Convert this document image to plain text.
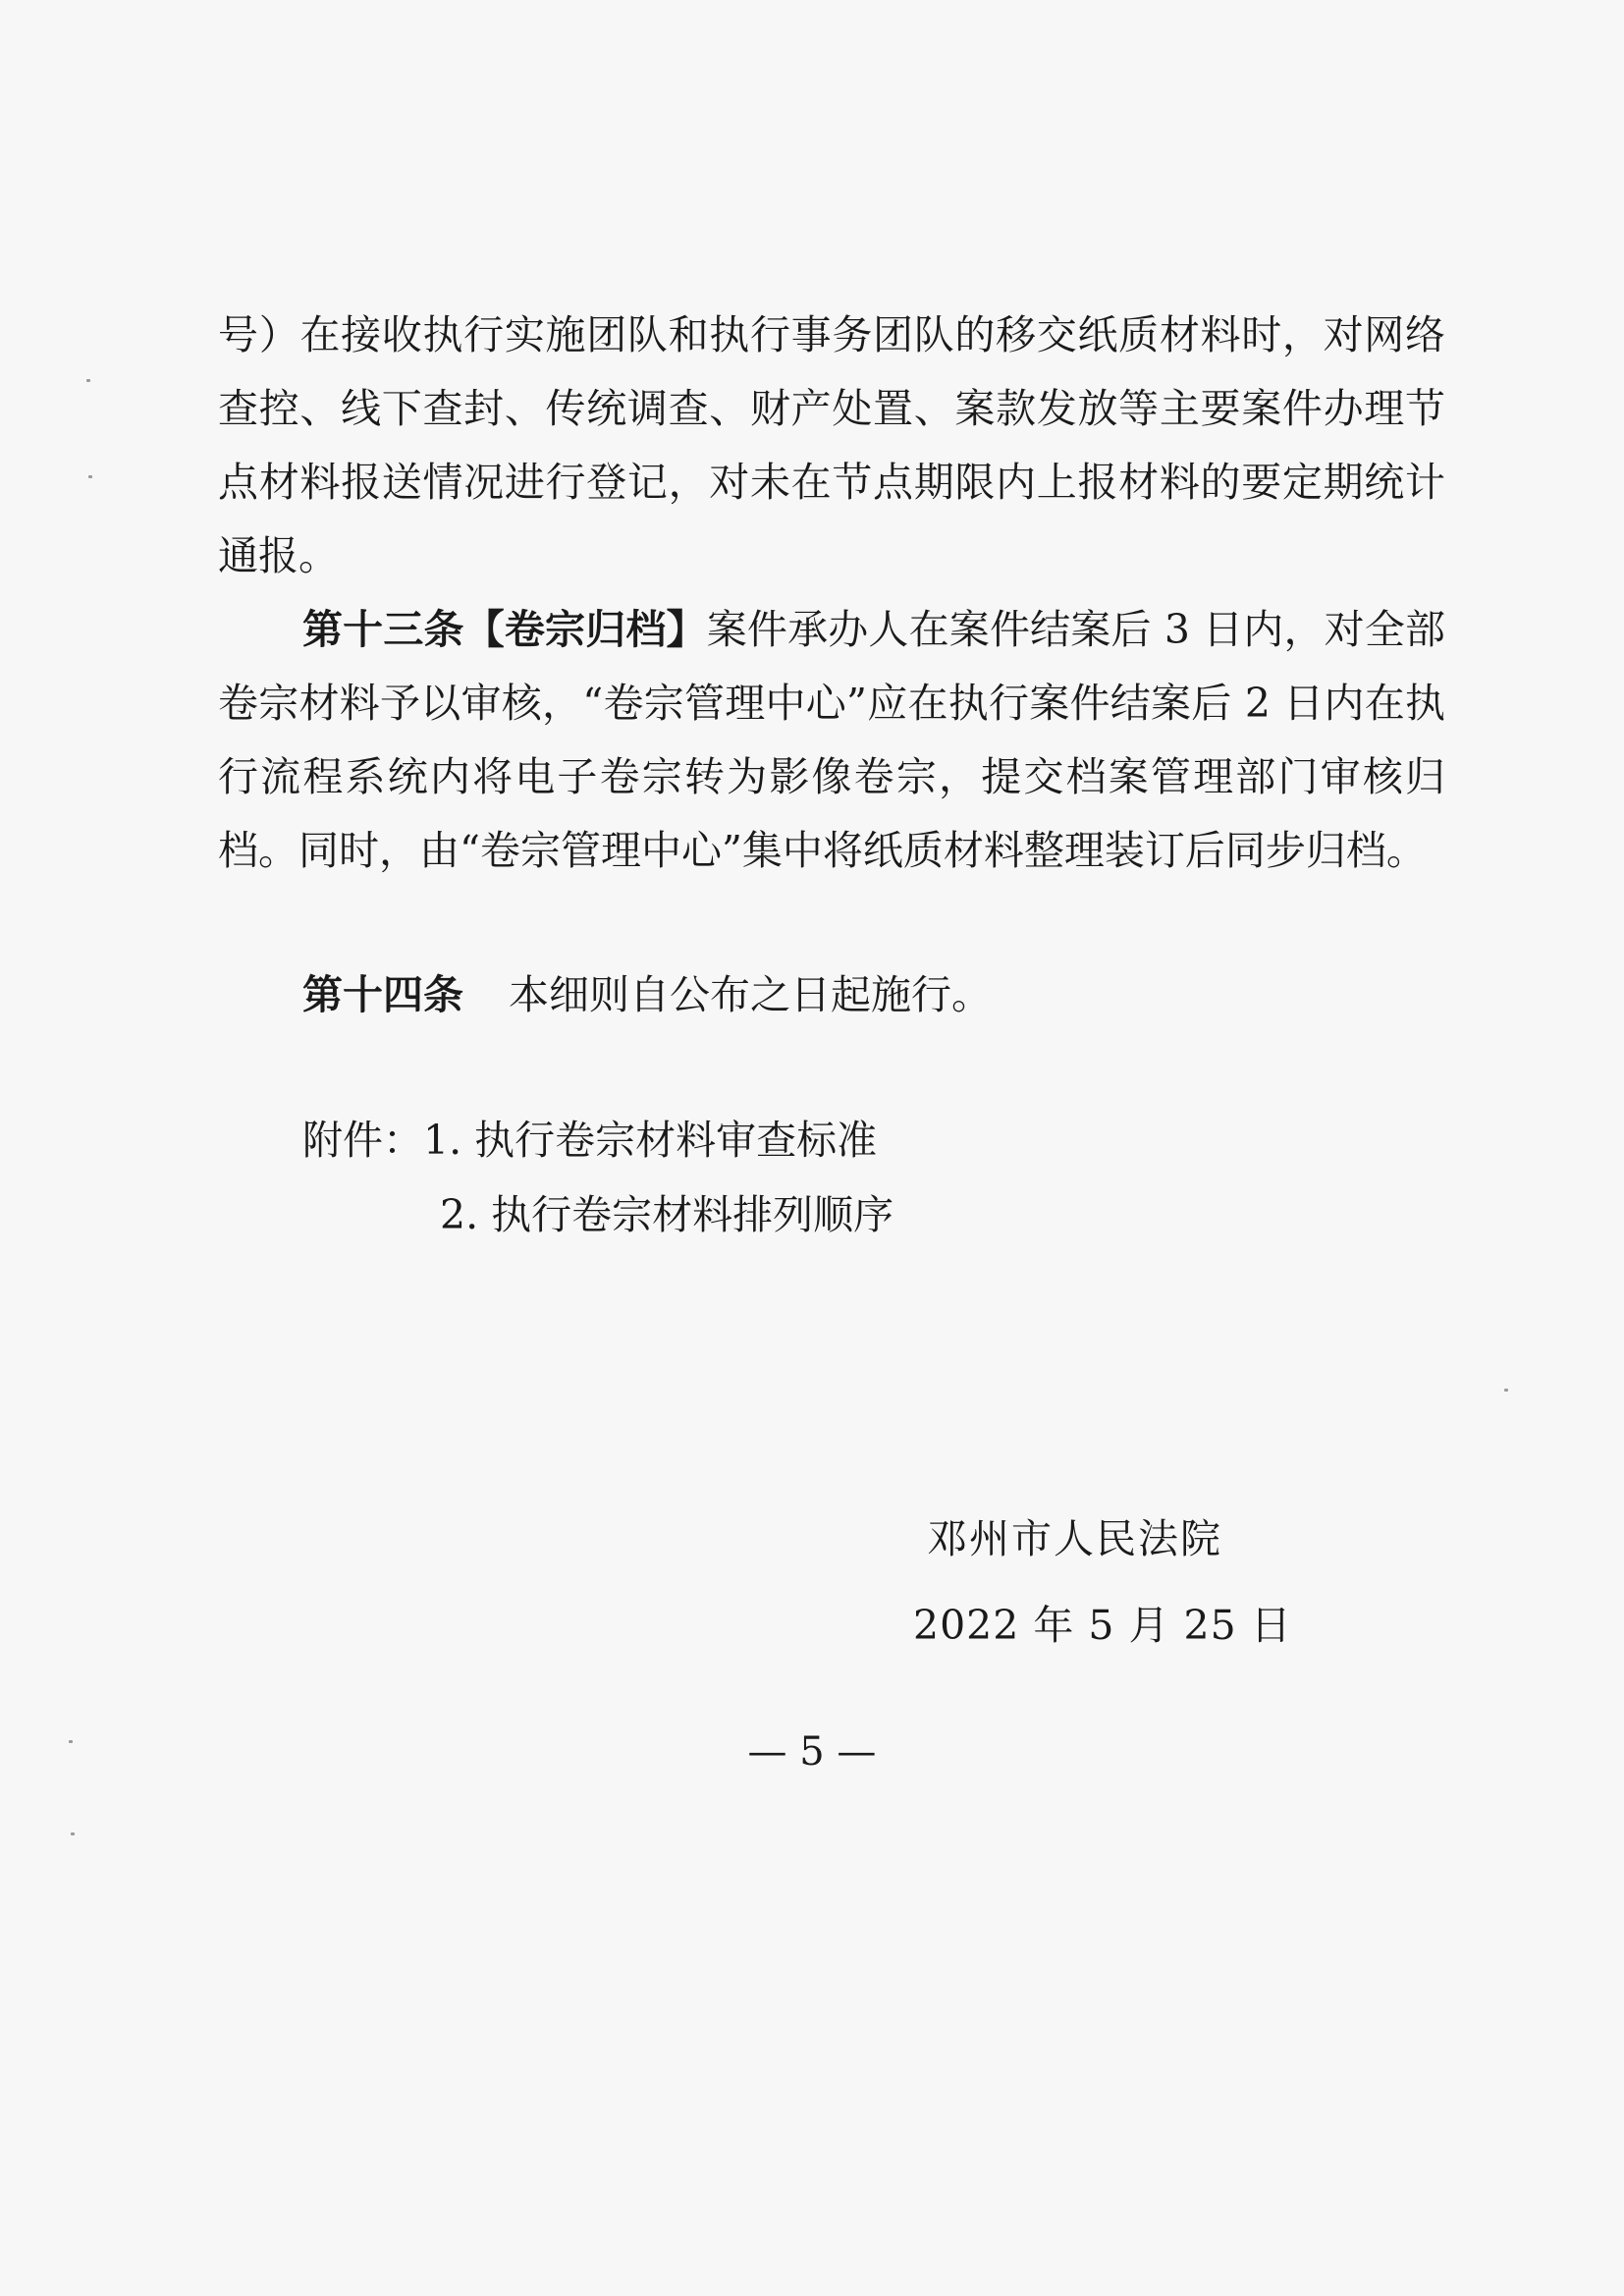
号）在接收执行实施团队和执行事务团队的移交纸质材料时，对网络查控、线下查封、传统调查、财产处置、案款发放等主要案件办理节点材料报送情况进行登记，对未在节点期限内上报材料的要定期统计通报。
第十三条【卷宗归档】案件承办人在案件结案后 3 日内，对全部卷宗材料予以审核，“卷宗管理中心”应在执行案件结案后 2 日内在执行流程系统内将电子卷宗转为影像卷宗，提交档案管理部门审核归档。同时，由“卷宗管理中心”集中将纸质材料整理装订后同步归档。
第十四条 本细则自公布之日起施行。
附件：1. 执行卷宗材料审查标准
2. 执行卷宗材料排列顺序
邓州市人民法院
2022 年 5 月 25 日
— 5 —
